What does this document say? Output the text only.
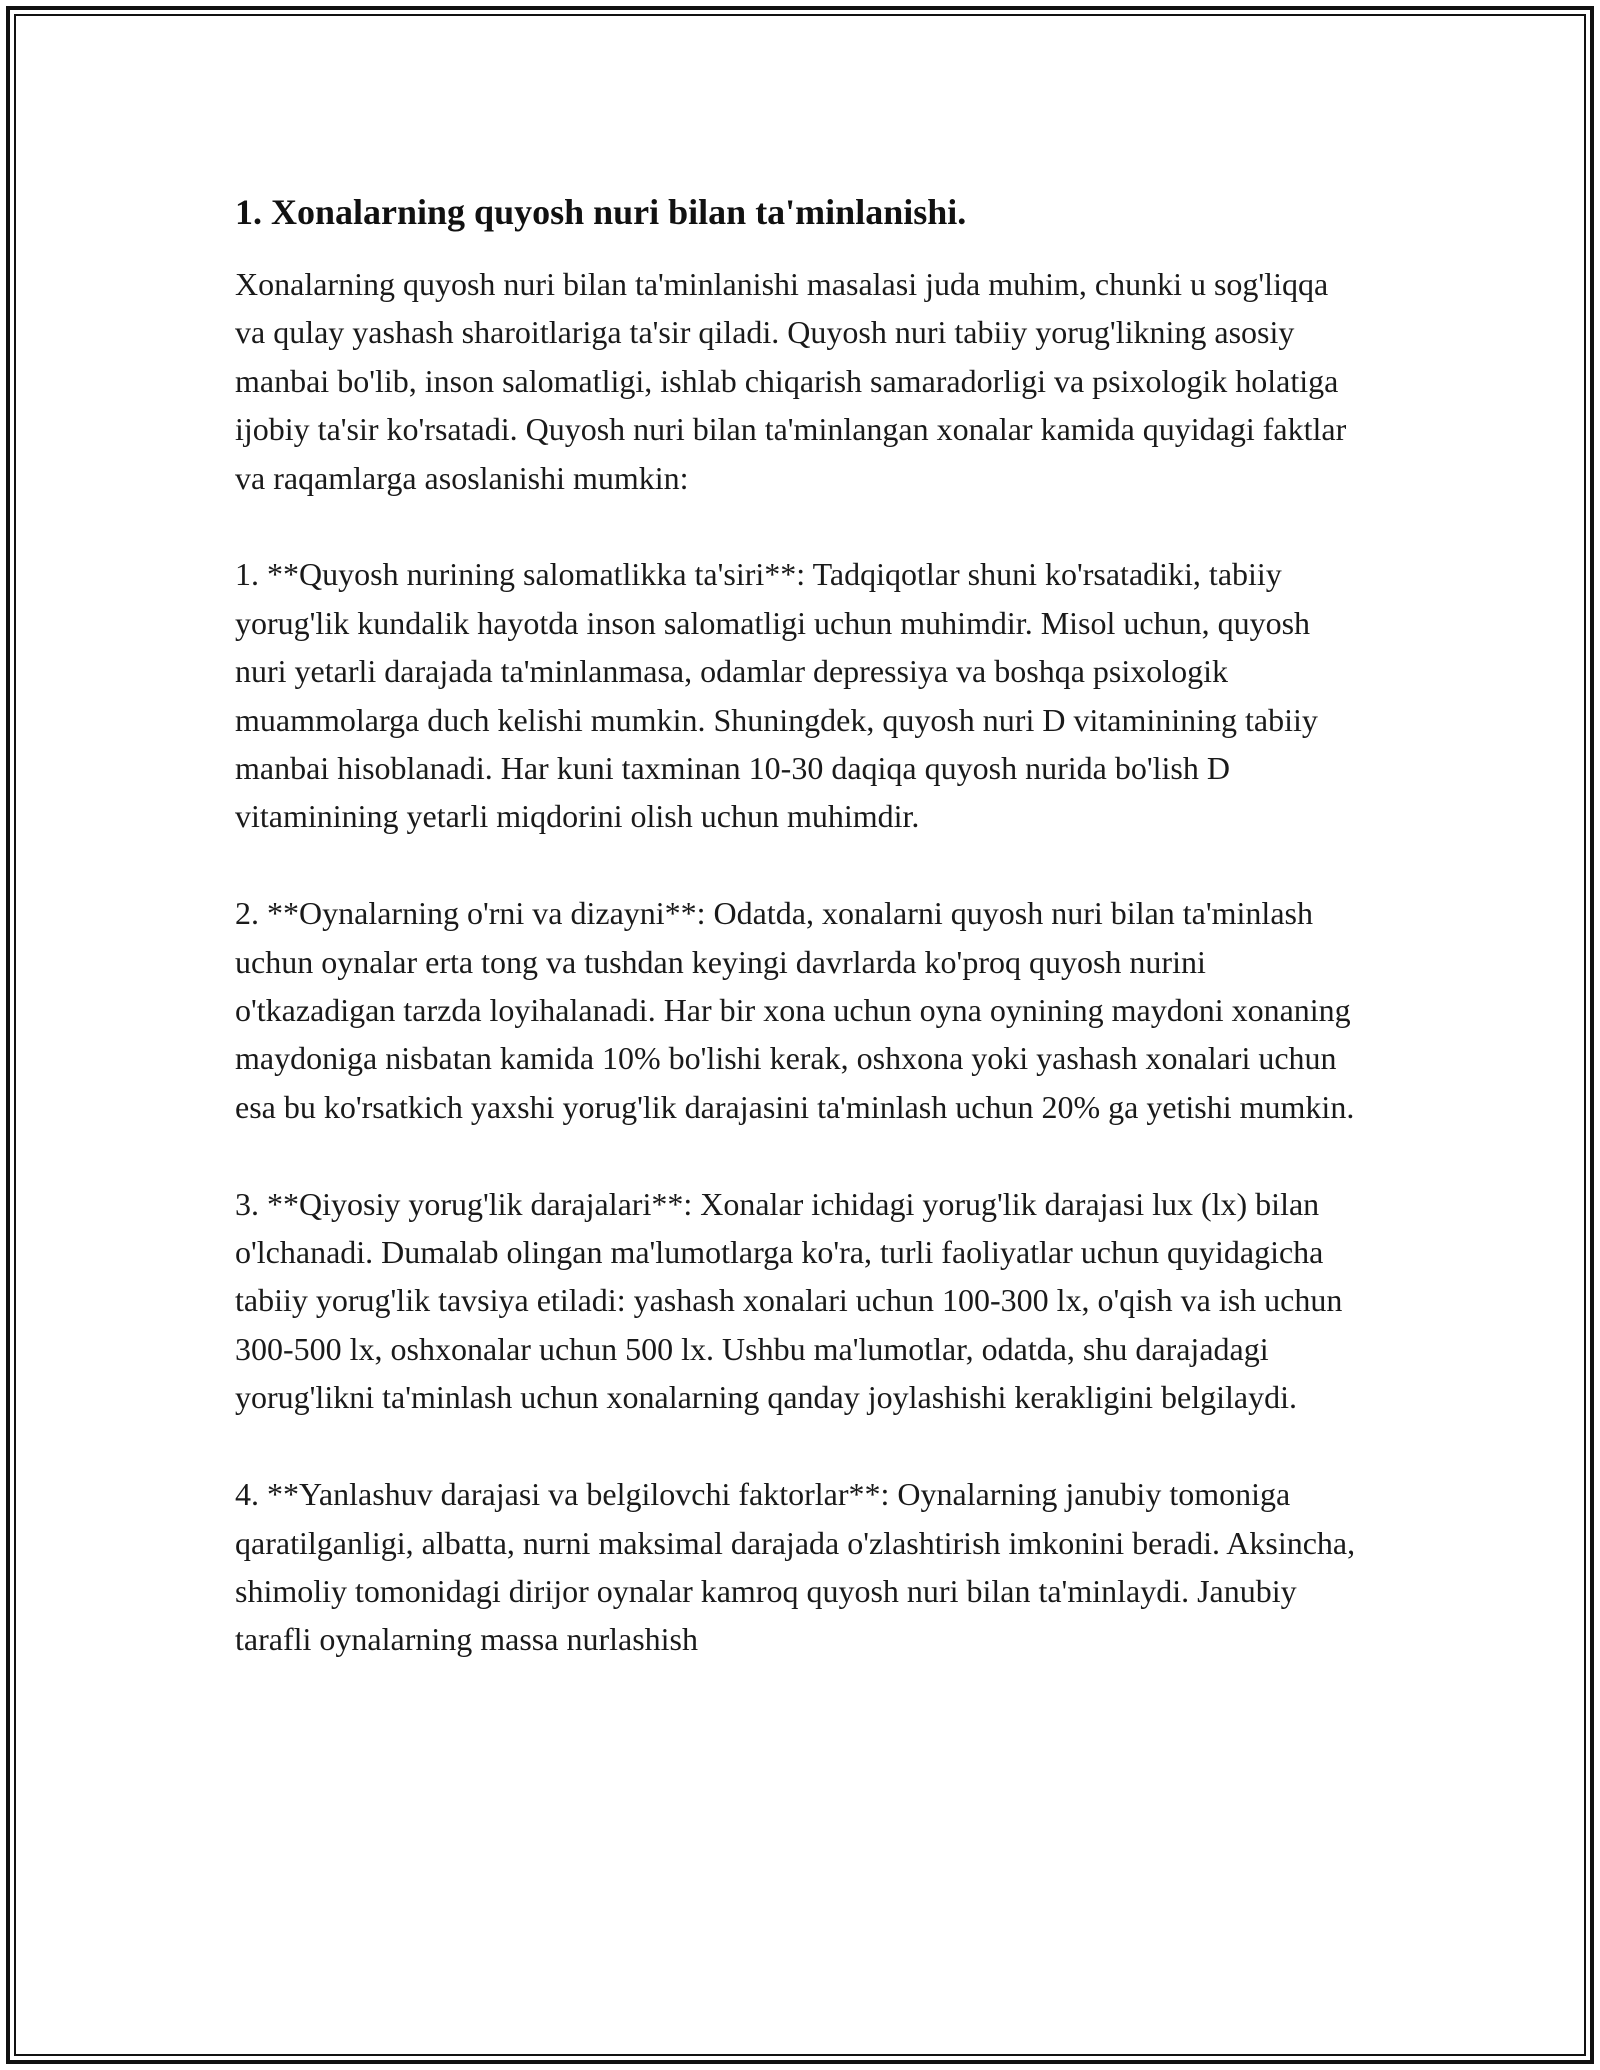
1. Xonalarning quyosh nuri bilan ta'minlanishi.

Xonalarning quyosh nuri bilan ta'minlanishi masalasi juda muhim, chunki u sog'liqqa va qulay yashash sharoitlariga ta'sir qiladi. Quyosh nuri tabiiy yorug'likning asosiy manbai bo'lib, inson salomatligi, ishlab chiqarish samaradorligi va psixologik holatiga ijobiy ta'sir ko'rsatadi. Quyosh nuri bilan ta'minlangan xonalar kamida quyidagi faktlar va raqamlarga asoslanishi mumkin:

1. **Quyosh nurining salomatlikka ta'siri**: Tadqiqotlar shuni ko'rsatadiki, tabiiy yorug'lik kundalik hayotda inson salomatligi uchun muhimdir. Misol uchun, quyosh nuri yetarli darajada ta'minlanmasa, odamlar depressiya va boshqa psixologik muammolarga duch kelishi mumkin. Shuningdek, quyosh nuri D vitaminining tabiiy manbai hisoblanadi. Har kuni taxminan 10-30 daqiqa quyosh nurida bo'lish D vitaminining yetarli miqdorini olish uchun muhimdir.

2. **Oynalarning o'rni va dizayni**: Odatda, xonalarni quyosh nuri bilan ta'minlash uchun oynalar erta tong va tushdan keyingi davrlarda ko'proq quyosh nurini o'tkazadigan tarzda loyihalanadi. Har bir xona uchun oyna oynining maydoni xonaning maydoniga nisbatan kamida 10% bo'lishi kerak, oshxona yoki yashash xonalari uchun esa bu ko'rsatkich yaxshi yorug'lik darajasini ta'minlash uchun 20% ga yetishi mumkin.

3. **Qiyosiy yorug'lik darajalari**: Xonalar ichidagi yorug'lik darajasi lux (lx) bilan o'lchanadi. Dumalab olingan ma'lumotlarga ko'ra, turli faoliyatlar uchun quyidagicha tabiiy yorug'lik tavsiya etiladi: yashash xonalari uchun 100-300 lx, o'qish va ish uchun 300-500 lx, oshxonalar uchun 500 lx. Ushbu ma'lumotlar, odatda, shu darajadagi yorug'likni ta'minlash uchun xonalarning qanday joylashishi kerakligini belgilaydi.

4. **Yanlashuv darajasi va belgilovchi faktorlar**: Oynalarning janubiy tomoniga qaratilganligi, albatta, nurni maksimal darajada o'zlashtirish imkonini beradi. Aksincha, shimoliy tomonidagi dirijor oynalar kamroq quyosh nuri bilan ta'minlaydi. Janubiy tarafli oynalarning massa nurlashish
